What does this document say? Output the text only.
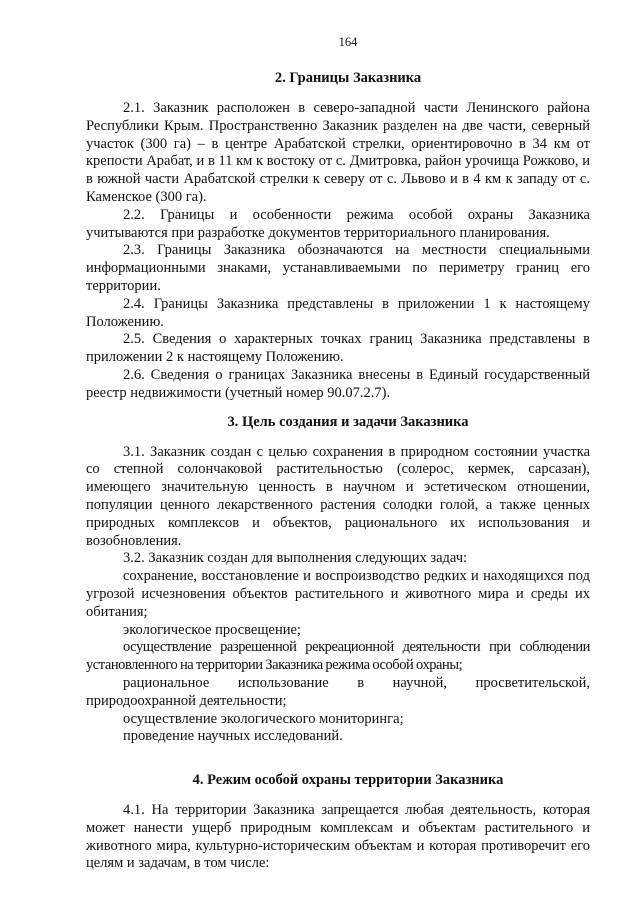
164
2. Границы Заказника

2.1. Заказник расположен в северо-западной части Ленинского района Республики Крым. Пространственно Заказник разделен на две части, северный участок (300 га) – в центре Арабатской стрелки, ориентировочно в 34 км от крепости Арабат, и в 11 км к востоку от с. Дмитровка, район урочища Рожково, и в южной части Арабатской стрелки к северу от с. Львово и в 4 км к западу от с. Каменское (300 га).

2.2. Границы и особенности режима особой охраны Заказника учитываются при разработке документов территориального планирования.

2.3. Границы Заказника обозначаются на местности специальными информационными знаками, устанавливаемыми по периметру границ его территории.

2.4. Границы Заказника представлены в приложении 1 к настоящему Положению.

2.5. Сведения о характерных точках границ Заказника представлены в приложении 2 к настоящему Положению.

2.6. Сведения о границах Заказника внесены в Единый государственный реестр недвижимости (учетный номер 90.07.2.7).

3. Цель создания и задачи Заказника

3.1. Заказник создан с целью сохранения в природном состоянии участка со степной солончаковой растительностью (солерос, кермек, сарсазан), имеющего значительную ценность в научном и эстетическом отношении, популяции ценного лекарственного растения солодки голой, а также ценных природных комплексов и объектов, рационального их использования и возобновления.

3.2. Заказник создан для выполнения следующих задач:

сохранение, восстановление и воспроизводство редких и находящихся под угрозой исчезновения объектов растительного и животного мира и среды их обитания;

экологическое просвещение;

осуществление разрешенной рекреационной деятельности при соблюдении установленного на территории Заказника режима особой охраны;

рациональное использование в научной, просветительской, природоохранной деятельности;

осуществление экологического мониторинга;

проведение научных исследований.

4. Режим особой охраны территории Заказника

4.1. На территории Заказника запрещается любая деятельность, которая может нанести ущерб природным комплексам и объектам растительного и животного мира, культурно-историческим объектам и которая противоречит его целям и задачам, в том числе:
